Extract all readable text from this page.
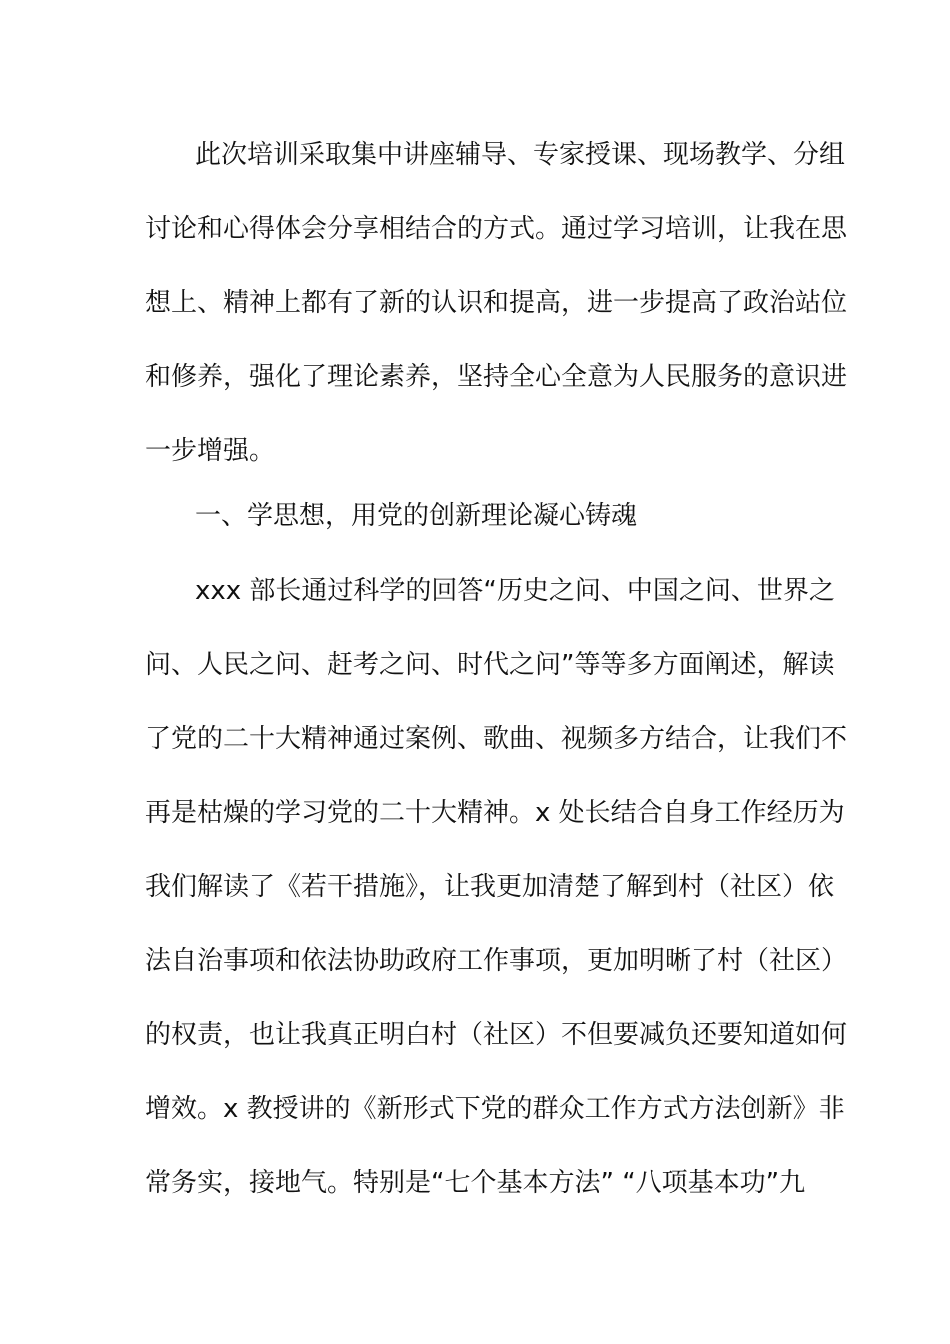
此次培训采取集中讲座辅导、专家授课、现场教学、分组
讨论和心得体会分享相结合的方式。通过学习培训，让我在思
想上、精神上都有了新的认识和提高，进一步提高了政治站位
和修养，强化了理论素养，坚持全心全意为人民服务的意识进
一步增强。
一、学思想，用党的创新理论凝心铸魂
xxx 部长通过科学的回答“历史之问、中国之问、世界之
问、人民之问、赶考之问、时代之问”等等多方面阐述，解读
了党的二十大精神通过案例、歌曲、视频多方结合，让我们不
再是枯燥的学习党的二十大精神。x 处长结合自身工作经历为
我们解读了《若干措施》，让我更加清楚了解到村（社区）依
法自治事项和依法协助政府工作事项，更加明晰了村（社区）
的权责，也让我真正明白村（社区）不但要减负还要知道如何
增效。x 教授讲的《新形式下党的群众工作方式方法创新》非
常务实，接地气。特别是“七个基本方法” “八项基本功”九
